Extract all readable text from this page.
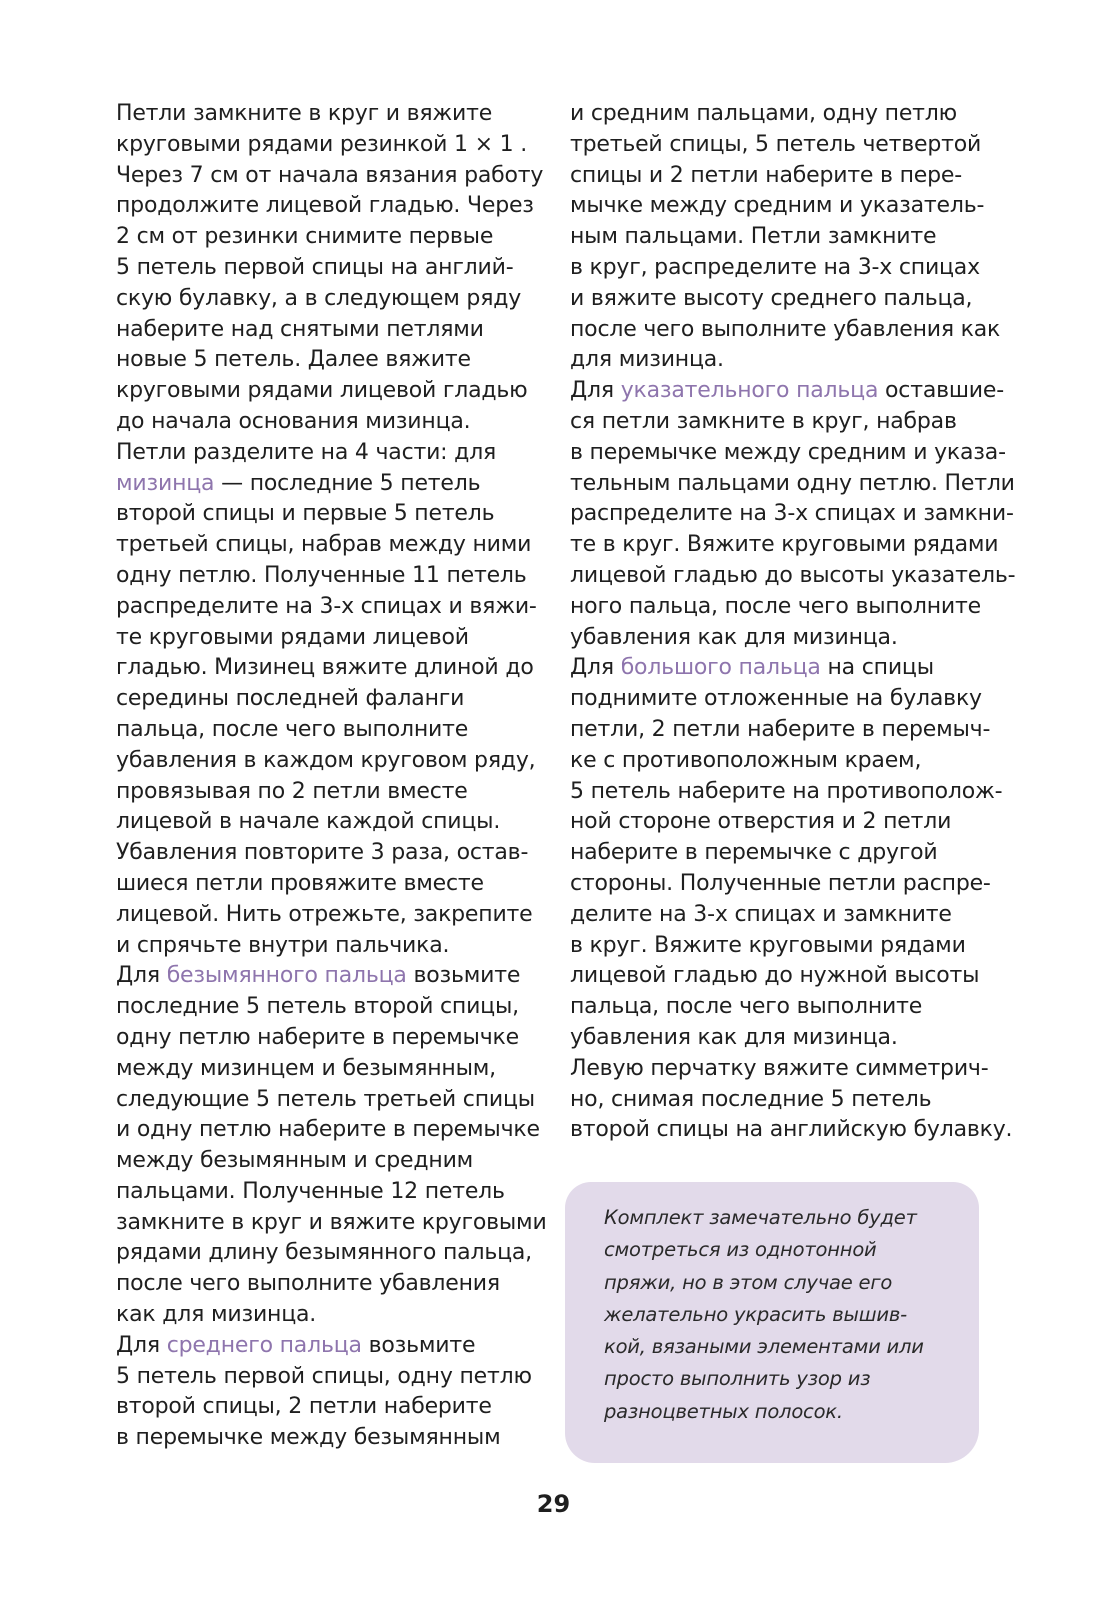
Петли замкните в круг и вяжите
круговыми рядами резинкой 1 × 1 .
Через 7 см от начала вязания работу
продолжите лицевой гладью. Через
2 см от резинки снимите первые
5 петель первой спицы на англий-
скую булавку, а в следующем ряду
наберите над снятыми петлями
новые 5 петель. Далее вяжите
круговыми рядами лицевой гладью
до начала основания мизинца.
Петли разделите на 4 части: для
мизинца — последние 5 петель
второй спицы и первые 5 петель
третьей спицы, набрав между ними
одну петлю. Полученные 11 петель
распределите на 3-х спицах и вяжи-
те круговыми рядами лицевой
гладью. Мизинец вяжите длиной до
середины последней фаланги
пальца, после чего выполните
убавления в каждом круговом ряду,
провязывая по 2 петли вместе
лицевой в начале каждой спицы.
Убавления повторите 3 раза, остав-
шиеся петли провяжите вместе
лицевой. Нить отрежьте, закрепите
и спрячьте внутри пальчика.
Для безымянного пальца возьмите
последние 5 петель второй спицы,
одну петлю наберите в перемычке
между мизинцем и безымянным,
следующие 5 петель третьей спицы
и одну петлю наберите в перемычке
между безымянным и средним
пальцами. Полученные 12 петель
замкните в круг и вяжите круговыми
рядами длину безымянного пальца,
после чего выполните убавления
как для мизинца.
Для среднего пальца возьмите
5 петель первой спицы, одну петлю
второй спицы, 2 петли наберите
в перемычке между безымянным
и средним пальцами, одну петлю
третьей спицы, 5 петель четвертой
спицы и 2 петли наберите в пере-
мычке между средним и указатель-
ным пальцами. Петли замкните
в круг, распределите на 3-х спицах
и вяжите высоту среднего пальца,
после чего выполните убавления как
для мизинца.
Для указательного пальца оставшие-
ся петли замкните в круг, набрав
в перемычке между средним и указа-
тельным пальцами одну петлю. Петли
распределите на 3-х спицах и замкни-
те в круг. Вяжите круговыми рядами
лицевой гладью до высоты указатель-
ного пальца, после чего выполните
убавления как для мизинца.
Для большого пальца на спицы
поднимите отложенные на булавку
петли, 2 петли наберите в перемыч-
ке с противоположным краем,
5 петель наберите на противополож-
ной стороне отверстия и 2 петли
наберите в перемычке с другой
стороны. Полученные петли распре-
делите на 3-х спицах и замкните
в круг. Вяжите круговыми рядами
лицевой гладью до нужной высоты
пальца, после чего выполните
убавления как для мизинца.
Левую перчатку вяжите симметрич-
но, снимая последние 5 петель
второй спицы на английскую булавку.
Комплект замечательно будет
смотреться из однотонной
пряжи, но в этом случае его
желательно украсить вышив-
кой, вязаными элементами или
просто выполнить узор из
разноцветных полосок.
29
